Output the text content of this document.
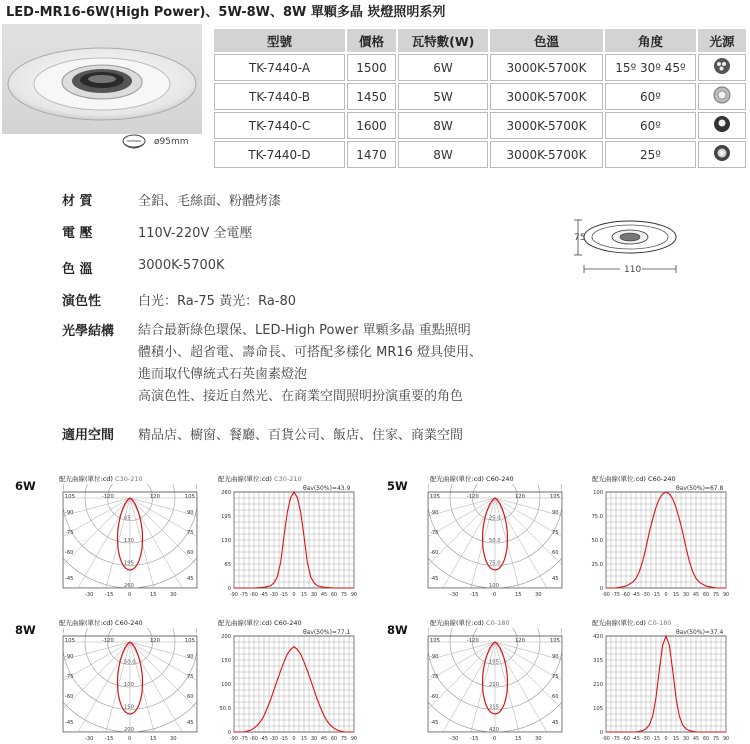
LED-MR16-6W(High Power)、5W-8W、8W 單顆多晶 崁燈照明系列
ø95mm
型號	價格	瓦特數(W)	色溫	角度	光源
TK-7440-A	1500	6W	3000K-5700K	15º 30º 45º	
TK-7440-B	1450	5W	3000K-5700K	60º	
TK-7440-C	1600	8W	3000K-5700K	60º	
TK-7440-D	1470	8W	3000K-5700K	25º	
材 質	全鋁、毛絲面、粉體烤漆
電 壓	110V-220V 全電壓
色 溫	3000K-5700K
演色性	白光：Ra-75 黃光：Ra-80
光學結構 結合最新綠色環保、LED-High Power 單顆多晶 重點照明
體積小、超省電、壽命長、可搭配多樣化 MR16 燈具使用、
進而取代傳統式石英鹵素燈泡
高演色性、接近自然光、在商業空間照明扮演重要的角色
適用空間 精品店、櫥窗、餐廳、百貨公司、飯店、住家、商業空間
75
110
6W	5W
8W	8W
配光曲線(單位:cd) C30-210	配光曲線(單位:cd) C30-210	配光曲線(單位:cd) C60-240	配光曲線(單位:cd) C60-240
配光曲線(單位:cd) C60-240	配光曲線(單位:cd) C60-240	配光曲線(單位:cd) C0-180	配光曲線(單位:cd) C0-180
θav(50%)=43.9	θav(50%)=67.8
θav(50%)=77.1	θav(50%)=37.4
105	-120	120	105
-90
-75
-60
-45
90
75
60
45
-30 -15	0	15	30
65
130
195
260
260
195
130
65
0
-90 -75 -60 -45 -30 -15 0 15 30 45 60 75 90
105	-120	120	105
-90
-75
-60
-45
90
75
60
45
-30 -15	0	15	30
25.0
50.0
75.0
100
100
75.0
50.0
25.0
0
-90 -75 -60 -45 -30 -15 0 15 30 45 60 75 90
105	-120	120	105
-90
-75
-60
-45
90
75
60
45
-30 -15	0	15	30
50.0
100
150
200
200
150
100
50.0
0
-90 -75 -60 -45 -30 -15 0 15 30 45 60 75 90
105	-120	120	105
-90
-75
-60
-45
90
75
60
45
-30 -15	0	15	30
105
210
315
420
420
315
210
105
0
-90 -75 -60 -45 -30 -15 0 15 30 45 60 75 90
